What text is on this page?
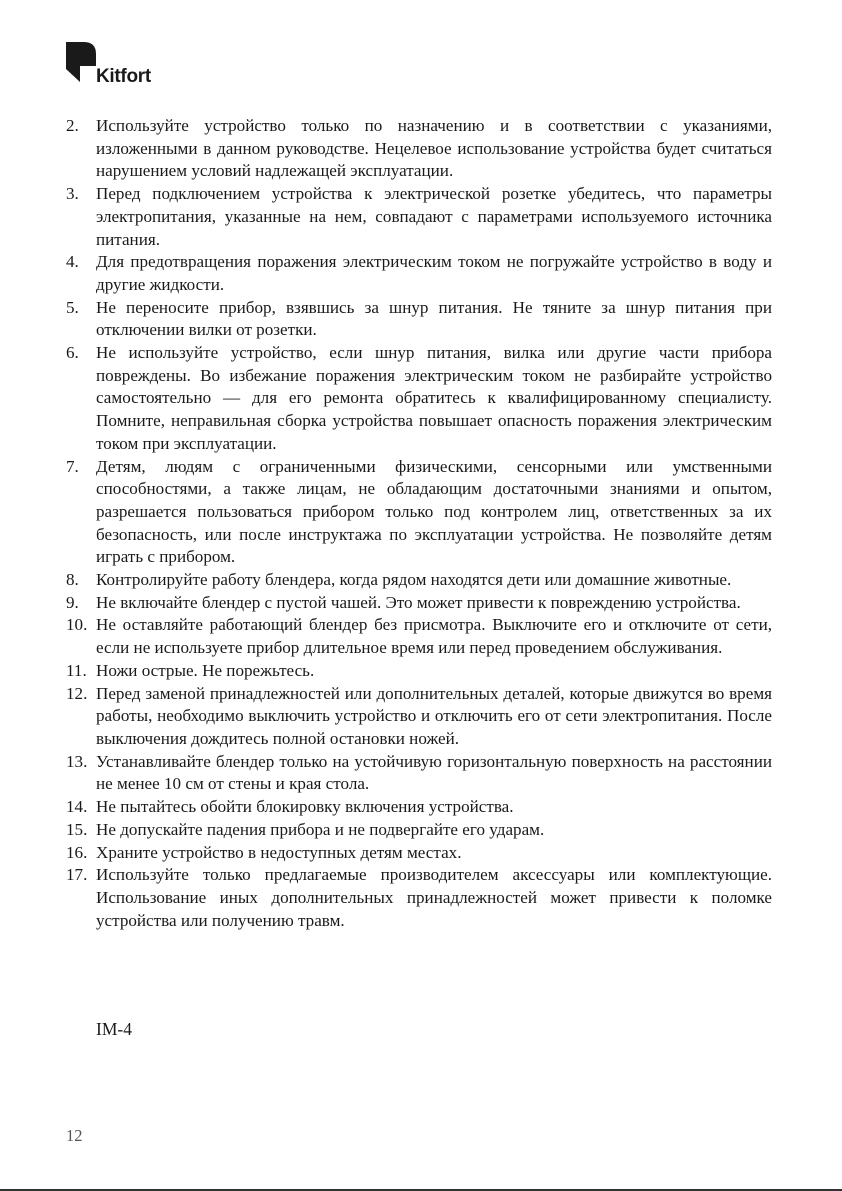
Kitfort

2. Используйте устройство только по назначению и в соответствии с указаниями, изложенными в данном руководстве. Нецелевое использование устройства будет считаться нарушением условий надлежащей эксплуатации.

3. Перед подключением устройства к электрической розетке убедитесь, что параметры электропитания, указанные на нем, совпадают с параметрами используемого источника питания.

4. Для предотвращения поражения электрическим током не погружайте устройство в воду и другие жидкости.

5. Не переносите прибор, взявшись за шнур питания. Не тяните за шнур питания при отключении вилки от розетки.

6. Не используйте устройство, если шнур питания, вилка или другие части прибора повреждены. Во избежание поражения электрическим током не разбирайте устройство самостоятельно — для его ремонта обратитесь к квалифицированному специалисту. Помните, неправильная сборка устройства повышает опасность поражения электрическим током при эксплуатации.

7. Детям, людям с ограниченными физическими, сенсорными или умственными способностями, а также лицам, не обладающим достаточными знаниями и опытом, разрешается пользоваться прибором только под контролем лиц, ответственных за их безопасность, или после инструктажа по эксплуатации устройства. Не позволяйте детям играть с прибором.

8. Контролируйте работу блендера, когда рядом находятся дети или домашние животные.

9. Не включайте блендер с пустой чашей. Это может привести к повреждению устройства.

10. Не оставляйте работающий блендер без присмотра. Выключите его и отключите от сети, если не используете прибор длительное время или перед проведением обслуживания.

11. Ножи острые. Не порежьтесь.

12. Перед заменой принадлежностей или дополнительных деталей, которые движутся во время работы, необходимо выключить устройство и отключить его от сети электропитания. После выключения дождитесь полной остановки ножей.

13. Устанавливайте блендер только на устойчивую горизонтальную поверхность на расстоянии не менее 10 см от стены и края стола.

14. Не пытайтесь обойти блокировку включения устройства.

15. Не допускайте падения прибора и не подвергайте его ударам.

16. Храните устройство в недоступных детям местах.

17. Используйте только предлагаемые производителем аксессуары или комплектующие. Использование иных дополнительных принадлежностей может привести к поломке устройства или получению травм.

IM-4
12
